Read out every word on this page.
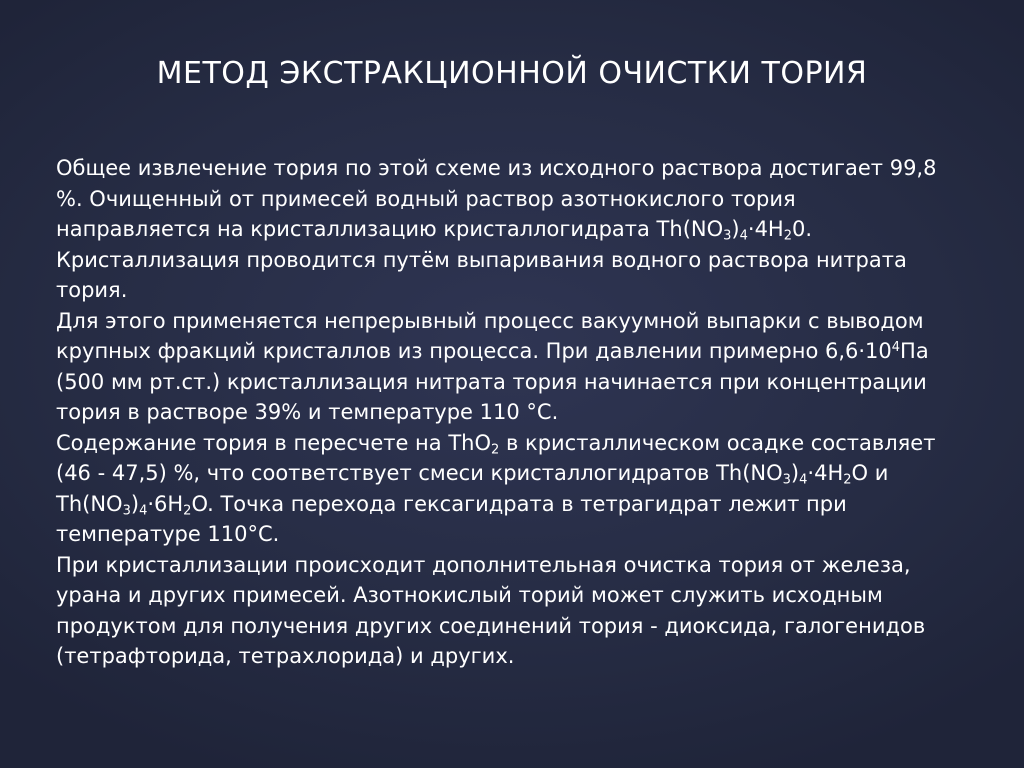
МЕТОД ЭКСТРАКЦИОННОЙ ОЧИСТКИ ТОРИЯ

Общее извлечение тория по этой схеме из исходного раствора достигает 99,8 %. Очищенный от примесей водный раствор азотнокислого тория направляется на кристаллизацию кристаллогидрата $Th(NO_3)_4\cdot 4H_20$. Кристаллизация проводится путём выпаривания водного раствора нитрата тория.

Для этого применяется непрерывный процесс вакуумной выпарки с выводом крупных фракций кристаллов из процесса. При давлении примерно $6,6\cdot 10^4Па$ (500 мм рт.ст.) кристаллизация нитрата тория начинается при концентрации тория в растворе 39% и температуре 110 °C.

Содержание тория в пересчете на ThO$_2$ в кристаллическом осадке составляет (46 - 47,5) %, что соответствует смеси кристаллогидратов $Th(NO_3)_4\cdot 4H_2O$ и $Th(NO_3)_4\cdot 6H_2O$. Точка перехода гексагидрата в тетрагидрат лежит при температуре 110°C.

При кристаллизации происходит дополнительная очистка тория от железа, урана и других примесей. Азотнокислый торий может служить исходным продуктом для получения других соединений тория - диоксида, галогенидов (тетрафторида, тетрахлорида) и других.
